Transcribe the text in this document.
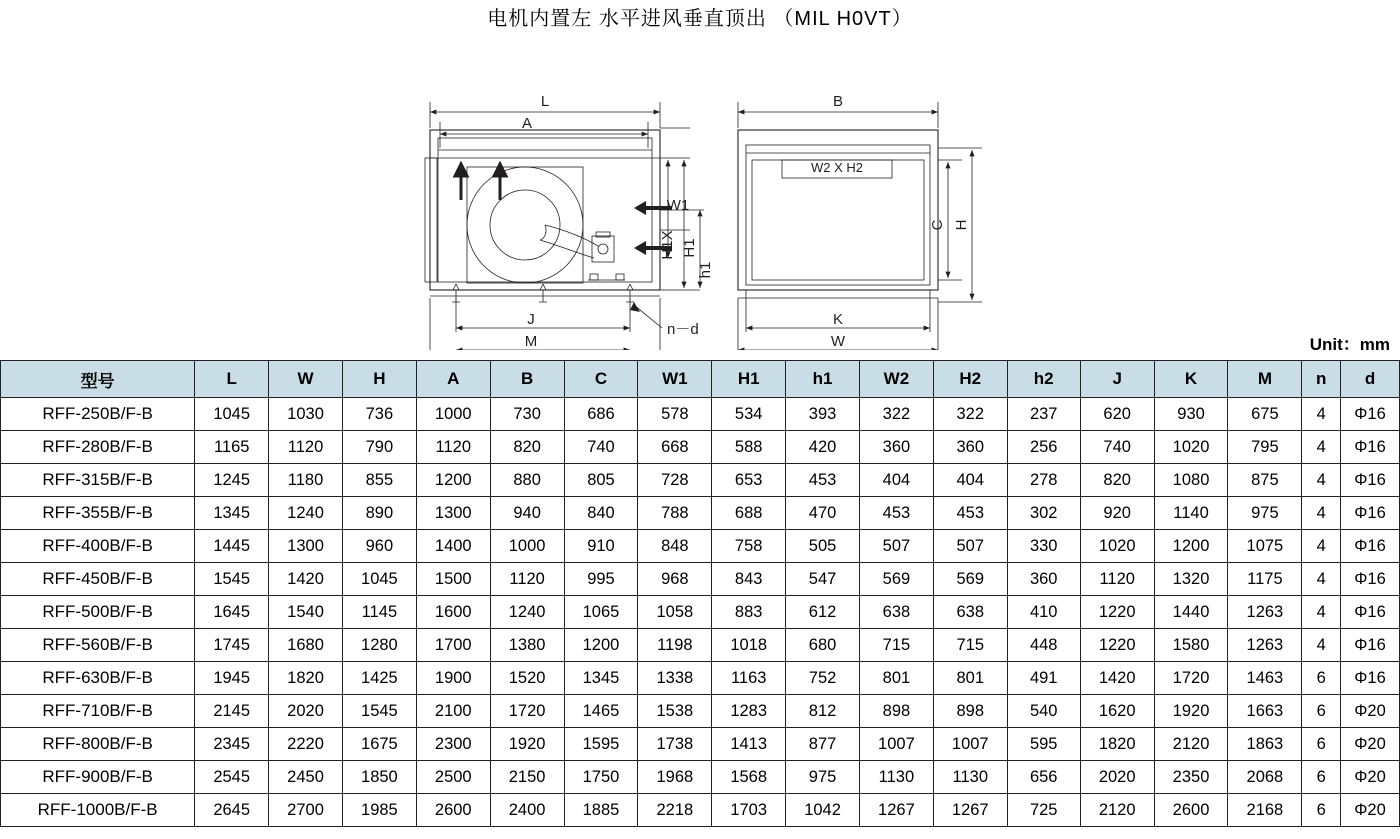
电机内置左 水平进风垂直顶出 （MIL H0VT）
L
A
W1
H1X H1
h1
J
M
n－d
W2 X H2
B
C H
K
W	Unit：mm
型号	L	W	H	A	B	C	W1	H1	h1	W2	H2	h2	J	K	M	n	d
RFF-250B/F-B	1045	1030	736	1000	730	686	578	534	393	322	322	237	620	930	675	4	Φ16
RFF-280B/F-B	1165	1120	790	1120	820	740	668	588	420	360	360	256	740	1020	795	4	Φ16
RFF-315B/F-B	1245	1180	855	1200	880	805	728	653	453	404	404	278	820	1080	875	4	Φ16
RFF-355B/F-B	1345	1240	890	1300	940	840	788	688	470	453	453	302	920	1140	975	4	Φ16
RFF-400B/F-B	1445	1300	960	1400	1000	910	848	758	505	507	507	330	1020	1200	1075	4	Φ16
RFF-450B/F-B	1545	1420	1045	1500	1120	995	968	843	547	569	569	360	1120	1320	1175	4	Φ16
RFF-500B/F-B	1645	1540	1145	1600	1240	1065	1058	883	612	638	638	410	1220	1440	1263	4	Φ16
RFF-560B/F-B	1745	1680	1280	1700	1380	1200	1198	1018	680	715	715	448	1220	1580	1263	4	Φ16
RFF-630B/F-B	1945	1820	1425	1900	1520	1345	1338	1163	752	801	801	491	1420	1720	1463	6	Φ16
RFF-710B/F-B	2145	2020	1545	2100	1720	1465	1538	1283	812	898	898	540	1620	1920	1663	6	Φ20
RFF-800B/F-B	2345	2220	1675	2300	1920	1595	1738	1413	877	1007	1007	595	1820	2120	1863	6	Φ20
RFF-900B/F-B	2545	2450	1850	2500	2150	1750	1968	1568	975	1130	1130	656	2020	2350	2068	6	Φ20
RFF-1000B/F-B	2645	2700	1985	2600	2400	1885	2218	1703	1042	1267	1267	725	2120	2600	2168	6	Φ20
